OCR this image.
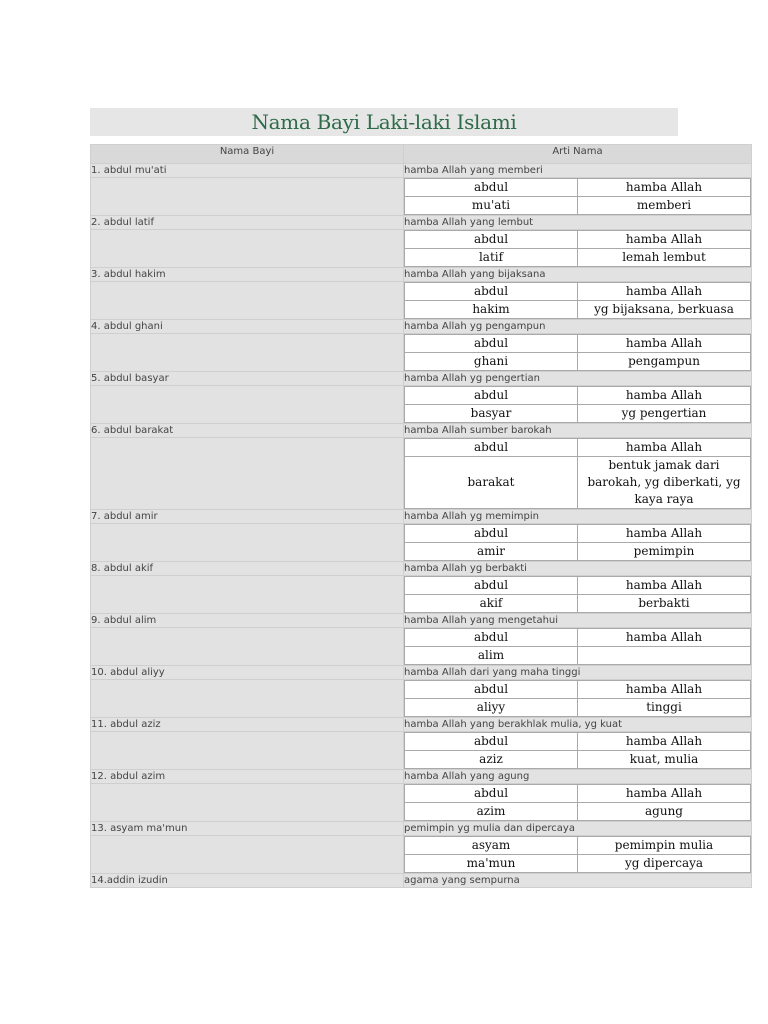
Nama Bayi Laki-laki Islami
Nama Bayi	Arti Nama
1. abdul mu'ati	hamba Allah yang memberi

abdul	hamba Allah
mu'ati	memberi

2. abdul latif	hamba Allah yang lembut

abdul	hamba Allah
latif	lemah lembut

3. abdul hakim	hamba Allah yang bijaksana

abdul	hamba Allah
hakim	yg bijaksana, berkuasa

4. abdul ghani	hamba Allah yg pengampun

abdul	hamba Allah
ghani	pengampun

5. abdul basyar	hamba Allah yg pengertian

abdul	hamba Allah
basyar	yg pengertian

6. abdul barakat	hamba Allah sumber barokah

abdul	hamba Allah
barakat	bentuk jamak dari barokah, yg diberkati, yg kaya raya

7. abdul amir	hamba Allah yg memimpin

abdul	hamba Allah
amir	pemimpin

8. abdul akif	hamba Allah yg berbakti

abdul	hamba Allah
akif	berbakti

9. abdul alim	hamba Allah yang mengetahui

abdul	hamba Allah
alim	

10. abdul aliyy	hamba Allah dari yang maha tinggi

abdul	hamba Allah
aliyy	tinggi

11. abdul aziz	hamba Allah yang berakhlak mulia, yg kuat

abdul	hamba Allah
aziz	kuat, mulia

12. abdul azim	hamba Allah yang agung

abdul	hamba Allah
azim	agung

13. asyam ma'mun	pemimpin yg mulia dan dipercaya

asyam	pemimpin mulia
ma'mun	yg dipercaya

14.addin izudin	agama yang sempurna
